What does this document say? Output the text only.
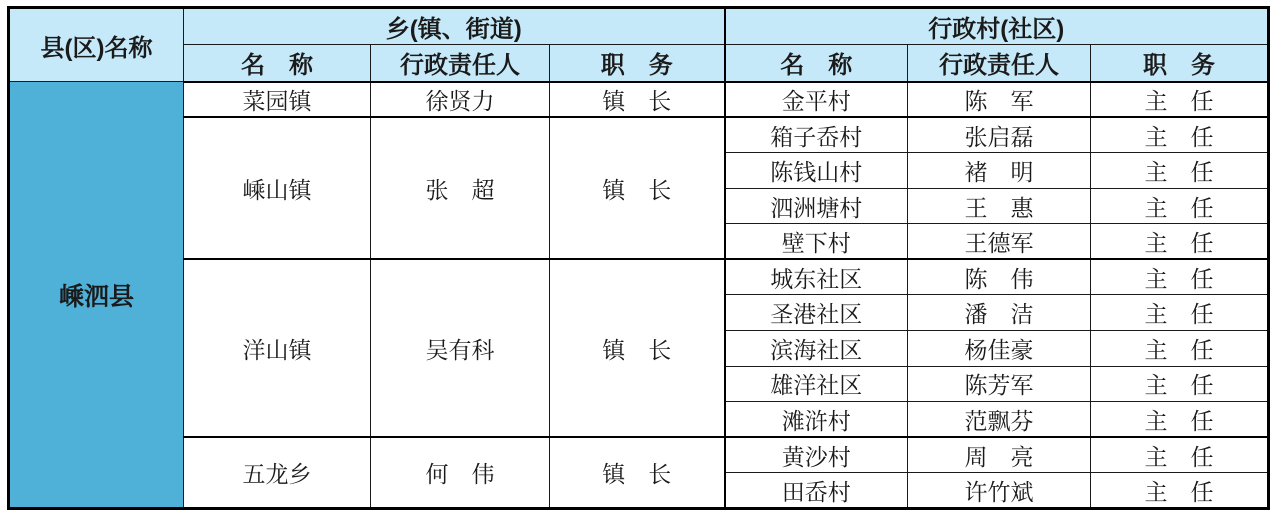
县(区)名称	乡(镇、街道)			行政村(社区)		
	名　称	行政责任人	职　务	名　称	行政责任人	职　务
嵊泗县	菜园镇	徐贤力	镇　长	金平村	陈　军	主　任
	嵊山镇	张　超	镇　长	箱子岙村	张启磊	主　任
				陈钱山村	褚　明	主　任
				泗洲塘村	王　惠	主　任
				壁下村	王德军	主　任
	洋山镇	吴有科	镇　长	城东社区	陈　伟	主　任
				圣港社区	潘　洁	主　任
				滨海社区	杨佳豪	主　任
				雄洋社区	陈芳军	主　任
				滩浒村	范飘芬	主　任
	五龙乡	何　伟	镇　长	黄沙村	周　亮	主　任
				田岙村	许竹斌	主　任
